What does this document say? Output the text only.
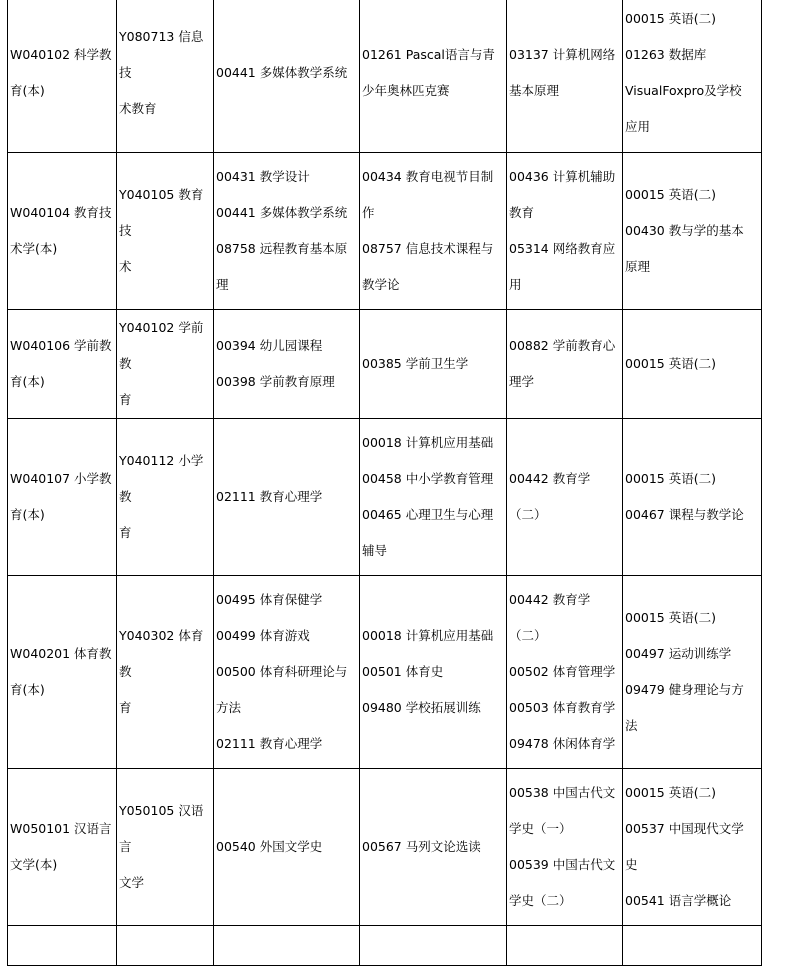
W040102 科学教
育(本)	Y080713 信息技
术教育	00441 多媒体教学系统	01261 Pascal语言与青
少年奥林匹克赛	03137 计算机网络
基本原理	00015 英语(二)
01263 数据库
VisualFoxpro及学校
应用

W040104 教育技
术学(本)	Y040105 教育技
术	00431 教学设计
00441 多媒体教学系统
08758 远程教育基本原
理	00434 教育电视节目制
作
08757 信息技术课程与
教学论	00436 计算机辅助
教育
05314 网络教育应
用	00015 英语(二)
00430 教与学的基本
原理

W040106 学前教
育(本)	Y040102 学前教
育	00394 幼儿园课程
00398 学前教育原理	00385 学前卫生学	00882 学前教育心
理学	00015 英语(二)

W040107 小学教
育(本)	Y040112 小学教
育	02111 教育心理学	00018 计算机应用基础
00458 中小学教育管理
00465 心理卫生与心理
辅导	00442 教育学
（二）	00015 英语(二)
00467 课程与教学论

W040201 体育教
育(本)	Y040302 体育教
育	00495 体育保健学
00499 体育游戏
00500 体育科研理论与
方法
02111 教育心理学	00018 计算机应用基础
00501 体育史
09480 学校拓展训练	00442 教育学
（二）
00502 体育管理学
00503 体育教育学
09478 休闲体育学	00015 英语(二)
00497 运动训练学
09479 健身理论与方
法

W050101 汉语言
文学(本)	Y050105 汉语言
文学	00540 外国文学史	00567 马列文论选读	00538 中国古代文
学史（一）
00539 中国古代文
学史（二）	00015 英语(二)
00537 中国现代文学
史
00541 语言学概论
